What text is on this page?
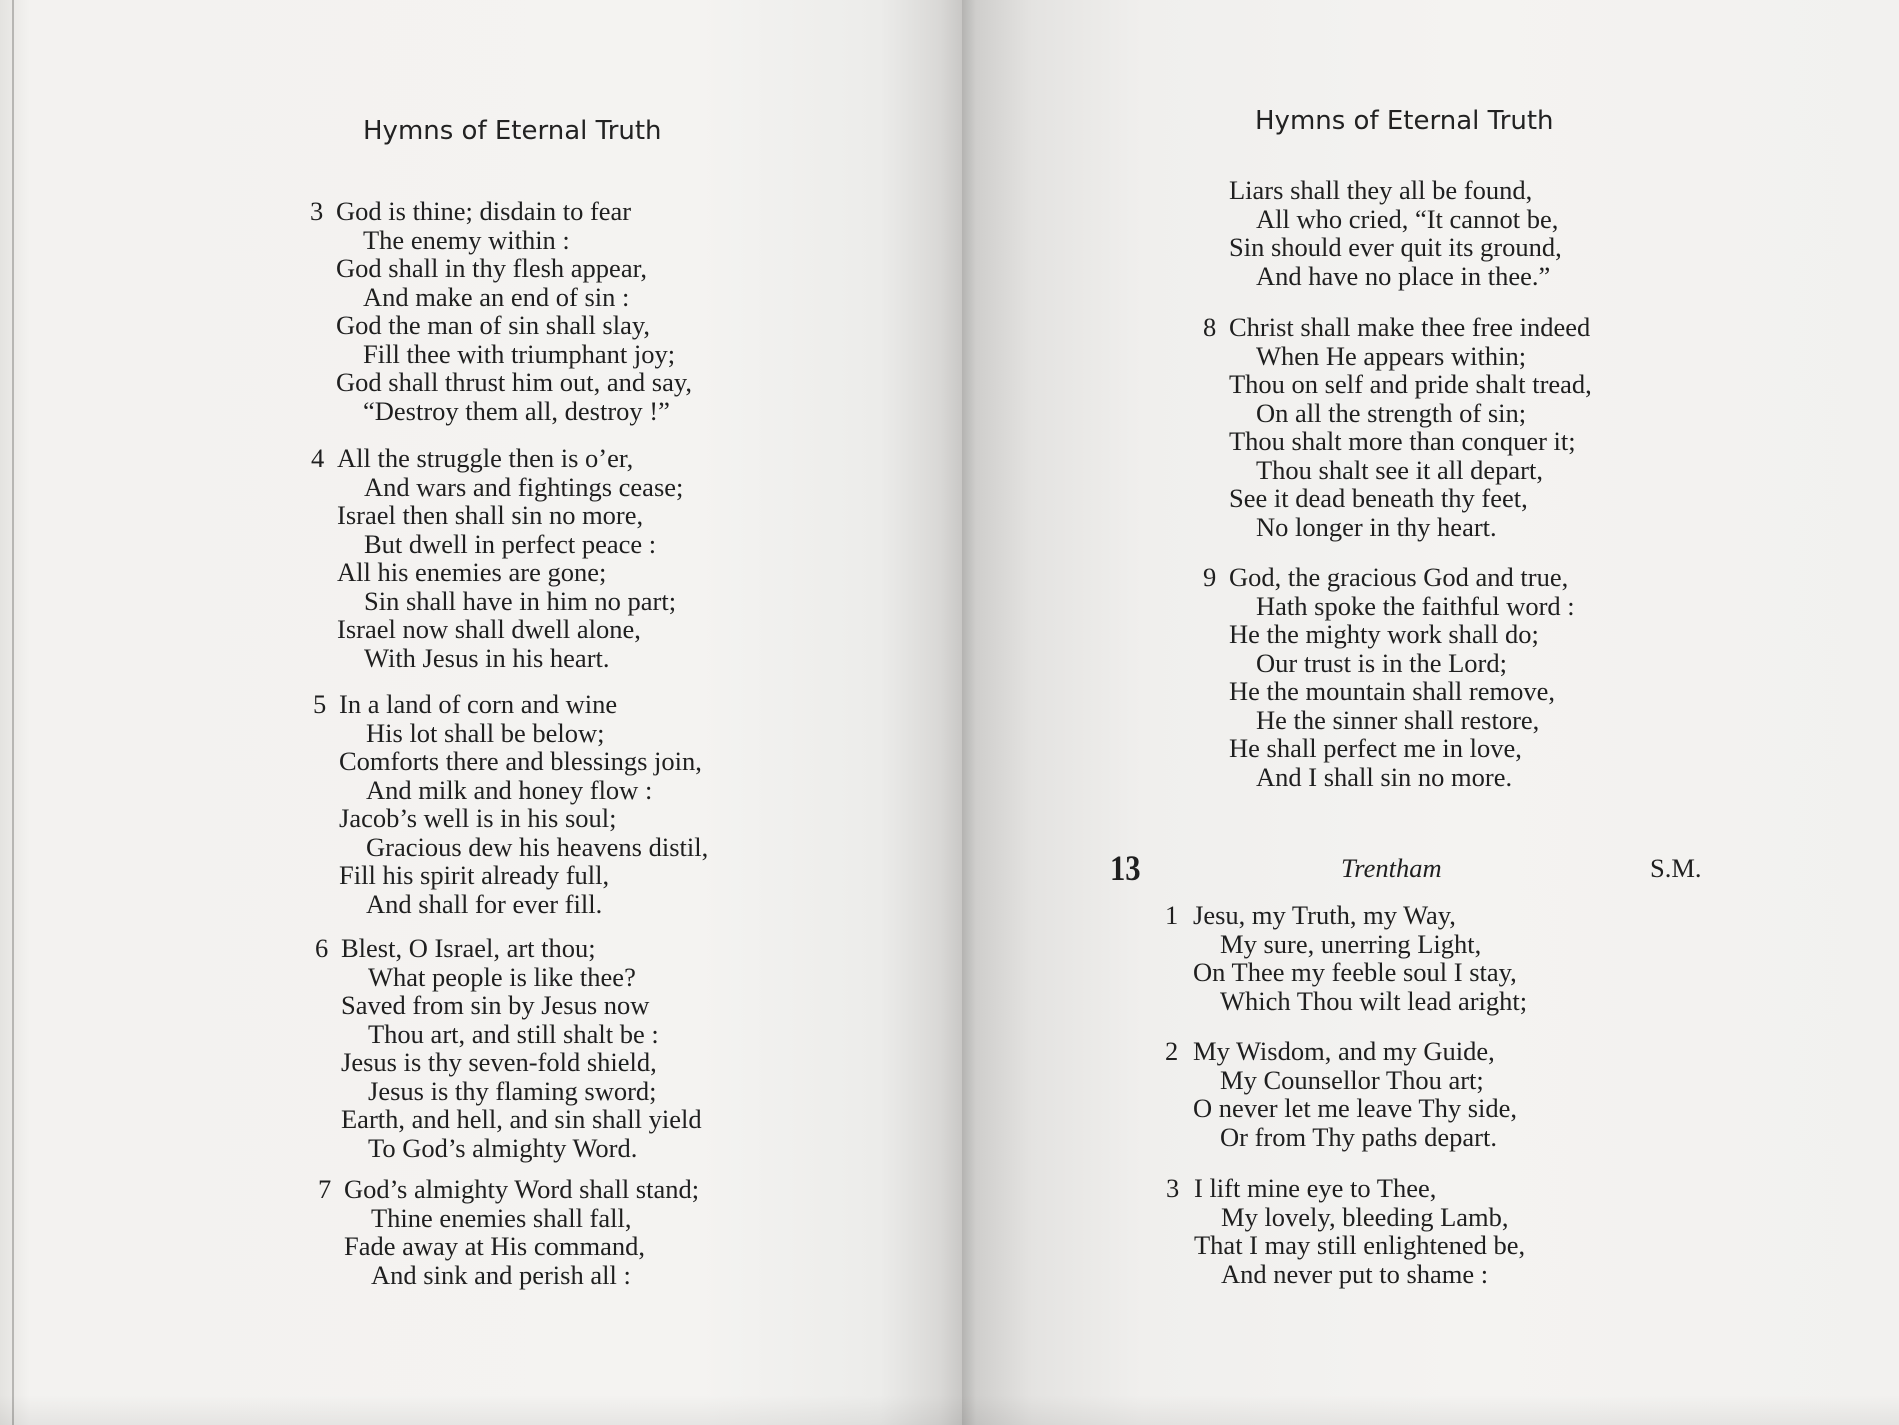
Hymns of Eternal Truth
3 God is thine; disdain to fear
The enemy within :
God shall in thy flesh appear,
And make an end of sin :
God the man of sin shall slay,
Fill thee with triumphant joy;
God shall thrust him out, and say,
“Destroy them all, destroy !”
4 All the struggle then is o’er,
And wars and fightings cease;
Israel then shall sin no more,
But dwell in perfect peace :
All his enemies are gone;
Sin shall have in him no part;
Israel now shall dwell alone,
With Jesus in his heart.
5 In a land of corn and wine
His lot shall be below;
Comforts there and blessings join,
And milk and honey flow :
Jacob’s well is in his soul;
Gracious dew his heavens distil,
Fill his spirit already full,
And shall for ever fill.
6 Blest, O Israel, art thou;
What people is like thee?
Saved from sin by Jesus now
Thou art, and still shalt be :
Jesus is thy seven-fold shield,
Jesus is thy flaming sword;
Earth, and hell, and sin shall yield
To God’s almighty Word.
7 God’s almighty Word shall stand;
Thine enemies shall fall,
Fade away at His command,
And sink and perish all :
Hymns of Eternal Truth
Liars shall they all be found,
All who cried, “It cannot be,
Sin should ever quit its ground,
And have no place in thee.”
8 Christ shall make thee free indeed
When He appears within;
Thou on self and pride shalt tread,
On all the strength of sin;
Thou shalt more than conquer it;
Thou shalt see it all depart,
See it dead beneath thy feet,
No longer in thy heart.
9 God, the gracious God and true,
Hath spoke the faithful word :
He the mighty work shall do;
Our trust is in the Lord;
He the mountain shall remove,
He the sinner shall restore,
He shall perfect me in love,
And I shall sin no more.
13	Trentham	S.M.
1 Jesu, my Truth, my Way,
My sure, unerring Light,
On Thee my feeble soul I stay,
Which Thou wilt lead aright;
2 My Wisdom, and my Guide,
My Counsellor Thou art;
O never let me leave Thy side,
Or from Thy paths depart.
3 I lift mine eye to Thee,
My lovely, bleeding Lamb,
That I may still enlightened be,
And never put to shame :
